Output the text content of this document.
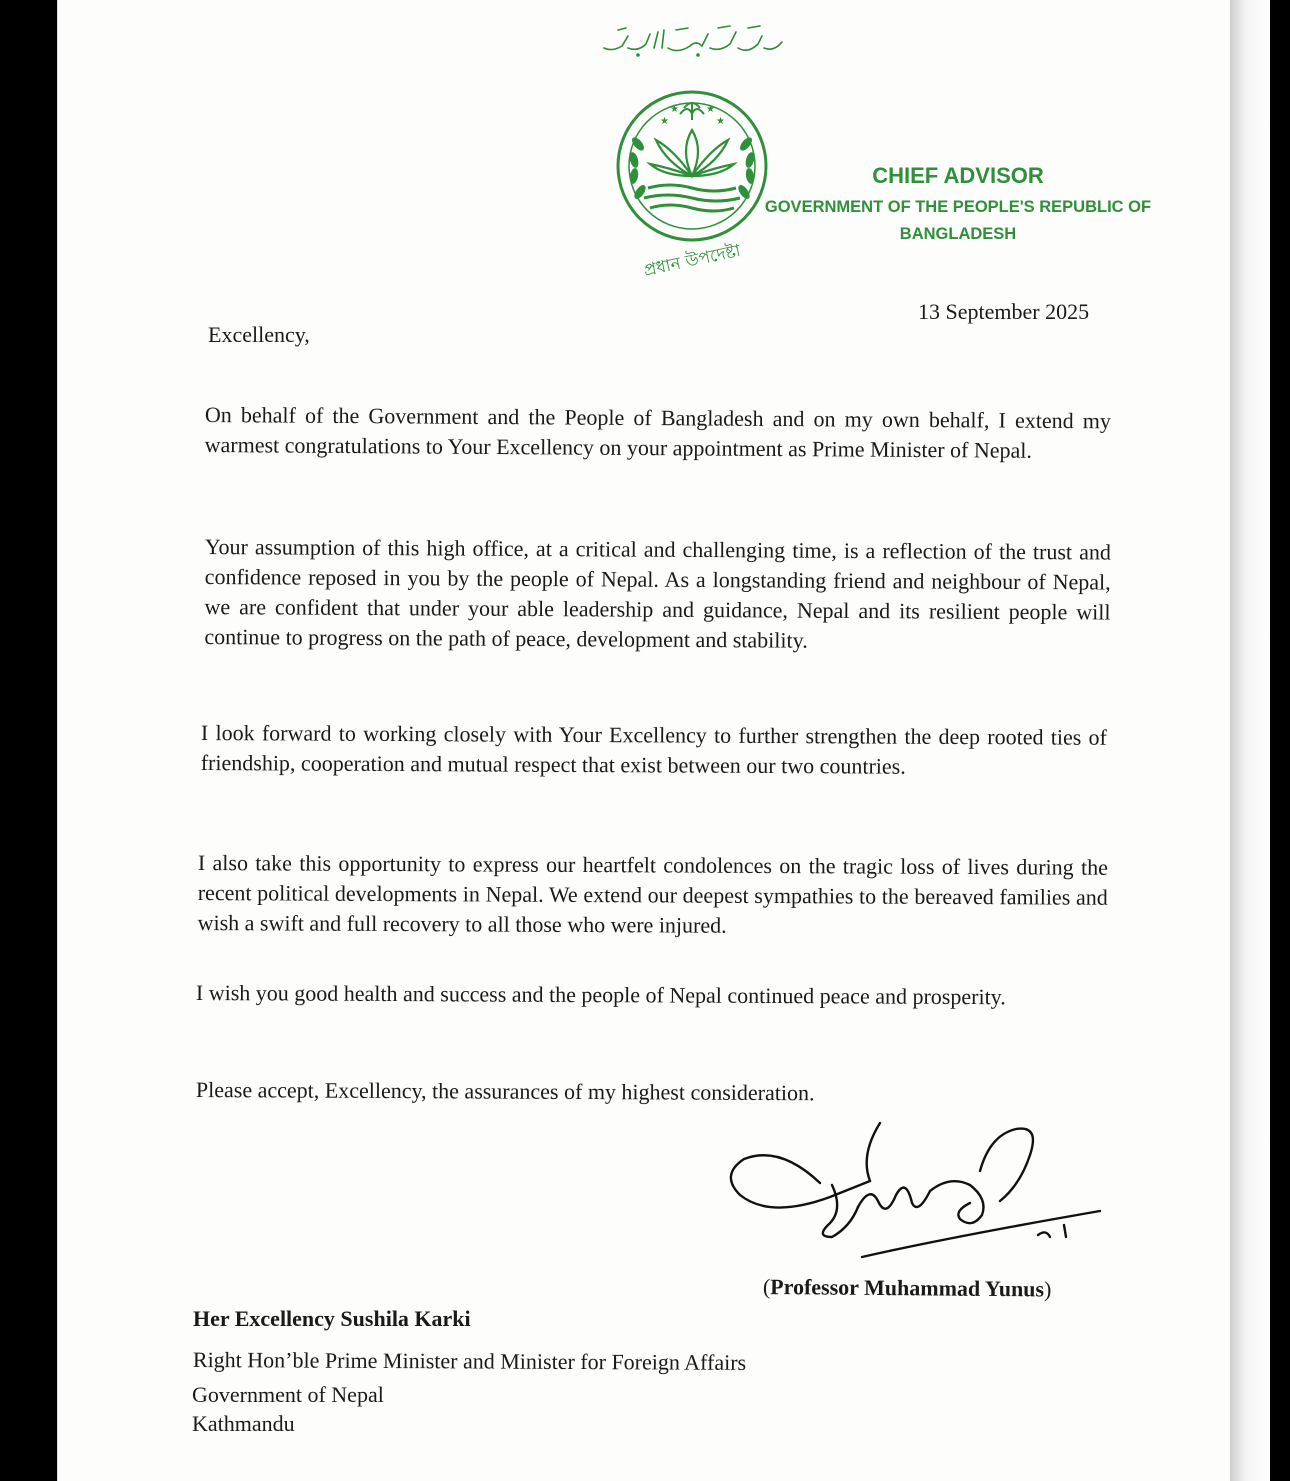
★	★
★	★
প্রধান উপদেষ্টা
CHIEF ADVISOR
GOVERNMENT OF THE PEOPLE'S REPUBLIC OF
BANGLADESH
13 September 2025
Excellency,
On behalf of the Government and the People of Bangladesh and on my own behalf, I extend my warmest congratulations to Your Excellency on your appointment as Prime Minister of Nepal.
Your assumption of this high office, at a critical and challenging time, is a reflection of the trust and confidence reposed in you by the people of Nepal. As a longstanding friend and neighbour of Nepal, we are confident that under your able leadership and guidance, Nepal and its resilient people will continue to progress on the path of peace, development and stability.
I look forward to working closely with Your Excellency to further strengthen the deep rooted ties of friendship, cooperation and mutual respect that exist between our two countries.
I also take this opportunity to express our heartfelt condolences on the tragic loss of lives during the recent political developments in Nepal. We extend our deepest sympathies to the bereaved families and wish a swift and full recovery to all those who were injured.
I wish you good health and success and the people of Nepal continued peace and prosperity.
Please accept, Excellency, the assurances of my highest consideration.
(Professor Muhammad Yunus)
Her Excellency Sushila Karki
Right Hon’ble Prime Minister and Minister for Foreign Affairs
Government of Nepal
Kathmandu
